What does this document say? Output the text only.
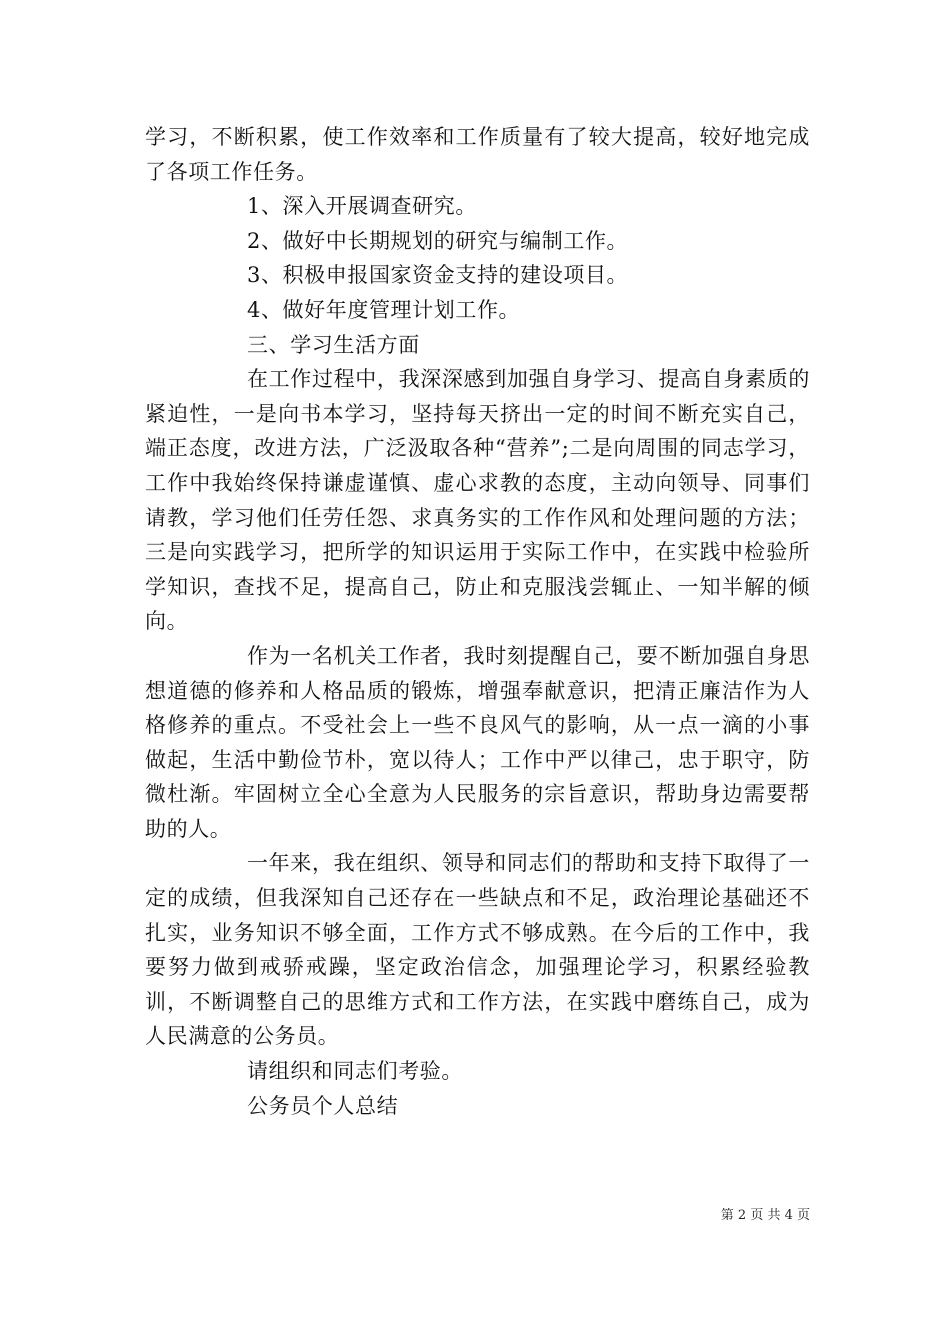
学习，不断积累，使工作效率和工作质量有了较大提高，较好地完成了各项工作任务。

1、深入开展调查研究。

2、做好中长期规划的研究与编制工作。

3、积极申报国家资金支持的建设项目。

4、做好年度管理计划工作。

三、学习生活方面

在工作过程中，我深深感到加强自身学习、提高自身素质的紧迫性，一是向书本学习，坚持每天挤出一定的时间不断充实自己，端正态度，改进方法，广泛汲取各种“营养”;二是向周围的同志学习，工作中我始终保持谦虚谨慎、虚心求教的态度，主动向领导、同事们请教，学习他们任劳任怨、求真务实的工作作风和处理问题的方法；三是向实践学习，把所学的知识运用于实际工作中，在实践中检验所学知识，查找不足，提高自己，防止和克服浅尝辄止、一知半解的倾向。

作为一名机关工作者，我时刻提醒自己，要不断加强自身思想道德的修养和人格品质的锻炼，增强奉献意识，把清正廉洁作为人格修养的重点。不受社会上一些不良风气的影响，从一点一滴的小事做起，生活中勤俭节朴，宽以待人；工作中严以律己，忠于职守，防微杜渐。牢固树立全心全意为人民服务的宗旨意识，帮助身边需要帮助的人。

一年来，我在组织、领导和同志们的帮助和支持下取得了一定的成绩，但我深知自己还存在一些缺点和不足，政治理论基础还不扎实，业务知识不够全面，工作方式不够成熟。在今后的工作中，我要努力做到戒骄戒躁，坚定政治信念，加强理论学习，积累经验教训，不断调整自己的思维方式和工作方法，在实践中磨练自己，成为人民满意的公务员。

请组织和同志们考验。

公务员个人总结

第 2 页 共 4 页
